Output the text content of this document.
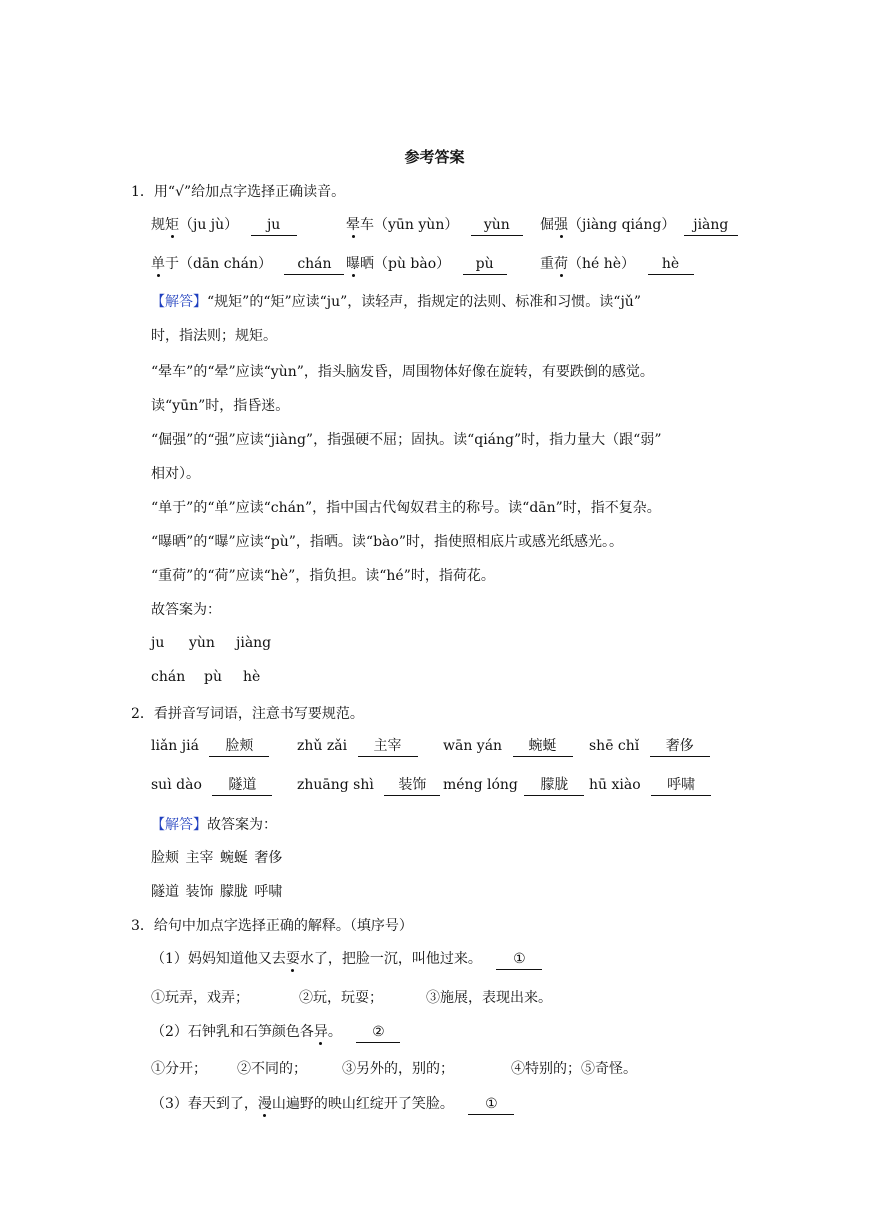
参考答案
1．用“√”给加点字选择正确读音。
规矩（ju jù） ju	晕车（yūn yùn） yùn	倔强（jiàng qiáng） jiàng
单于（dān chán） chán	曝晒（pù bào） pù	重荷（hé hè） hè
【解答】“规矩”的“矩”应读“ju”，读轻声，指规定的法则、标准和习惯。读“jǔ”
时，指法则；规矩。
“晕车”的“晕”应读“yùn”，指头脑发昏，周围物体好像在旋转，有要跌倒的感觉。
读“yūn”时，指昏迷。
“倔强”的“强”应读“jiàng”，指强硬不屈；固执。读“qiáng”时，指力量大（跟“弱”
相对）。
“单于”的“单”应读“chán”，指中国古代匈奴君主的称号。读“dān”时，指不复杂。
“曝晒”的“曝”应读“pù”，指晒。读“bào”时，指使照相底片或感光纸感光。。
“重荷”的“荷”应读“hè”，指负担。读“hé”时，指荷花。
故答案为：
ju yùn jiàng
chán pù hè
2．看拼音写词语，注意书写要规范。
liǎn jiá 脸颊	zhǔ zǎi 主宰	wān yán 蜿蜒	shē chǐ 奢侈
suì dào 隧道	zhuāng shì 装饰	méng lóng 朦胧	hū xiào 呼啸
【解答】故答案为：
脸颊 主宰 蜿蜒 奢侈
隧道 装饰 朦胧 呼啸
3．给句中加点字选择正确的解释。（填序号）
（1）妈妈知道他又去耍水了，把脸一沉，叫他过来。 ①
①玩弄，戏弄；	②玩，玩耍；	③施展，表现出来。
（2）石钟乳和石笋颜色各异。 ②
①分开； ②不同的；	③另外的，别的；	④特别的；⑤奇怪。
（3）春天到了，漫山遍野的映山红绽开了笑脸。 ①
